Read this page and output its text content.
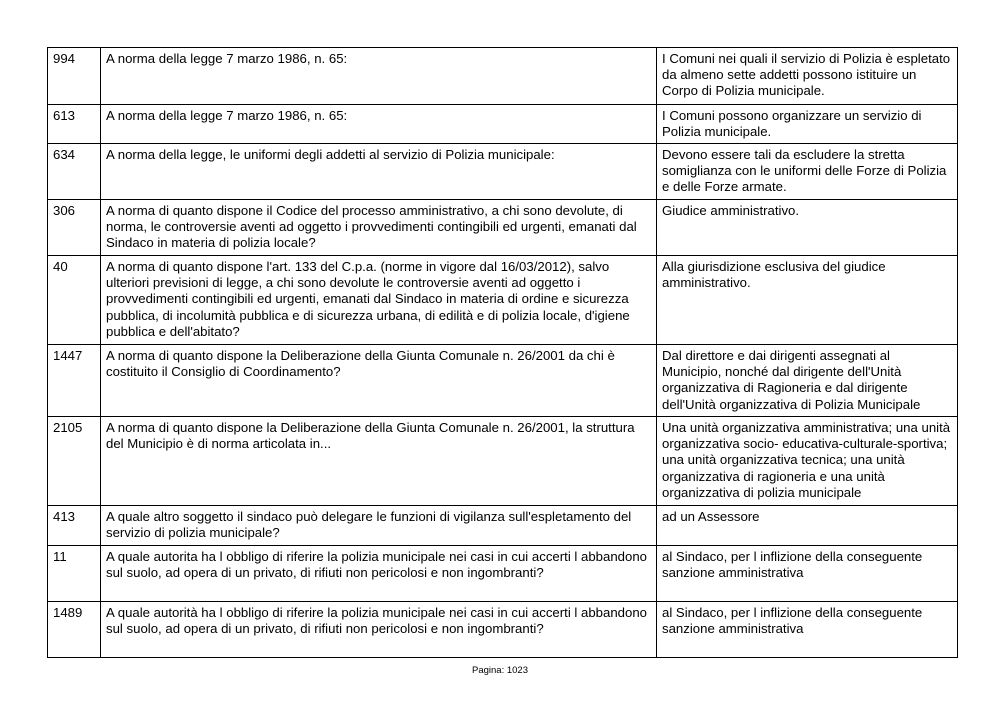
994	A norma della legge 7 marzo 1986, n. 65:	I Comuni nei quali il servizio di Polizia è espletato da almeno sette addetti possono istituire un Corpo di Polizia municipale.
613	A norma della legge 7 marzo 1986, n. 65:	I Comuni possono organizzare un servizio di Polizia municipale.
634	A norma della legge, le uniformi degli addetti al servizio di Polizia municipale:	Devono essere tali da escludere la stretta somiglianza con le uniformi delle Forze di Polizia e delle Forze armate.
306	A norma di quanto dispone il Codice del processo amministrativo, a chi sono devolute, di norma, le controversie aventi ad oggetto i provvedimenti contingibili ed urgenti, emanati dal Sindaco in materia di polizia locale?	Giudice amministrativo.
40	A norma di quanto dispone l'art. 133 del C.p.a. (norme in vigore dal 16/03/2012), salvo ulteriori previsioni di legge, a chi sono devolute le controversie aventi ad oggetto i provvedimenti contingibili ed urgenti, emanati dal Sindaco in materia di ordine e sicurezza pubblica, di incolumità pubblica e di sicurezza urbana, di edilità e di polizia locale, d'igiene pubblica e dell'abitato?	Alla giurisdizione esclusiva del giudice amministrativo.
1447	A norma di quanto dispone la Deliberazione della Giunta Comunale n. 26/2001 da chi è costituito il Consiglio di Coordinamento?	Dal direttore e dai dirigenti assegnati al Municipio, nonché dal dirigente dell'Unità organizzativa di Ragioneria e dal dirigente dell'Unità organizzativa di Polizia Municipale
2105	A norma di quanto dispone la Deliberazione della Giunta Comunale n. 26/2001, la struttura del Municipio è di norma articolata in...	Una unità organizzativa amministrativa; una unità organizzativa socio- educativa-culturale-sportiva; una unità organizzativa tecnica; una unità organizzativa di ragioneria e una unità organizzativa di polizia municipale
413	A quale altro soggetto il sindaco può delegare le funzioni di vigilanza sull'espletamento del servizio di polizia municipale?	ad un Assessore
11	A quale autorita ha l obbligo di riferire la polizia municipale nei casi in cui accerti l abbandono sul suolo, ad opera di un privato, di rifiuti non pericolosi e non ingombranti?	al Sindaco, per l inflizione della conseguente sanzione amministrativa
1489	A quale autorità ha l obbligo di riferire la polizia municipale nei casi in cui accerti l abbandono sul suolo, ad opera di un privato, di rifiuti non pericolosi e non ingombranti?	al Sindaco, per l inflizione della conseguente sanzione amministrativa
Pagina: 1023
